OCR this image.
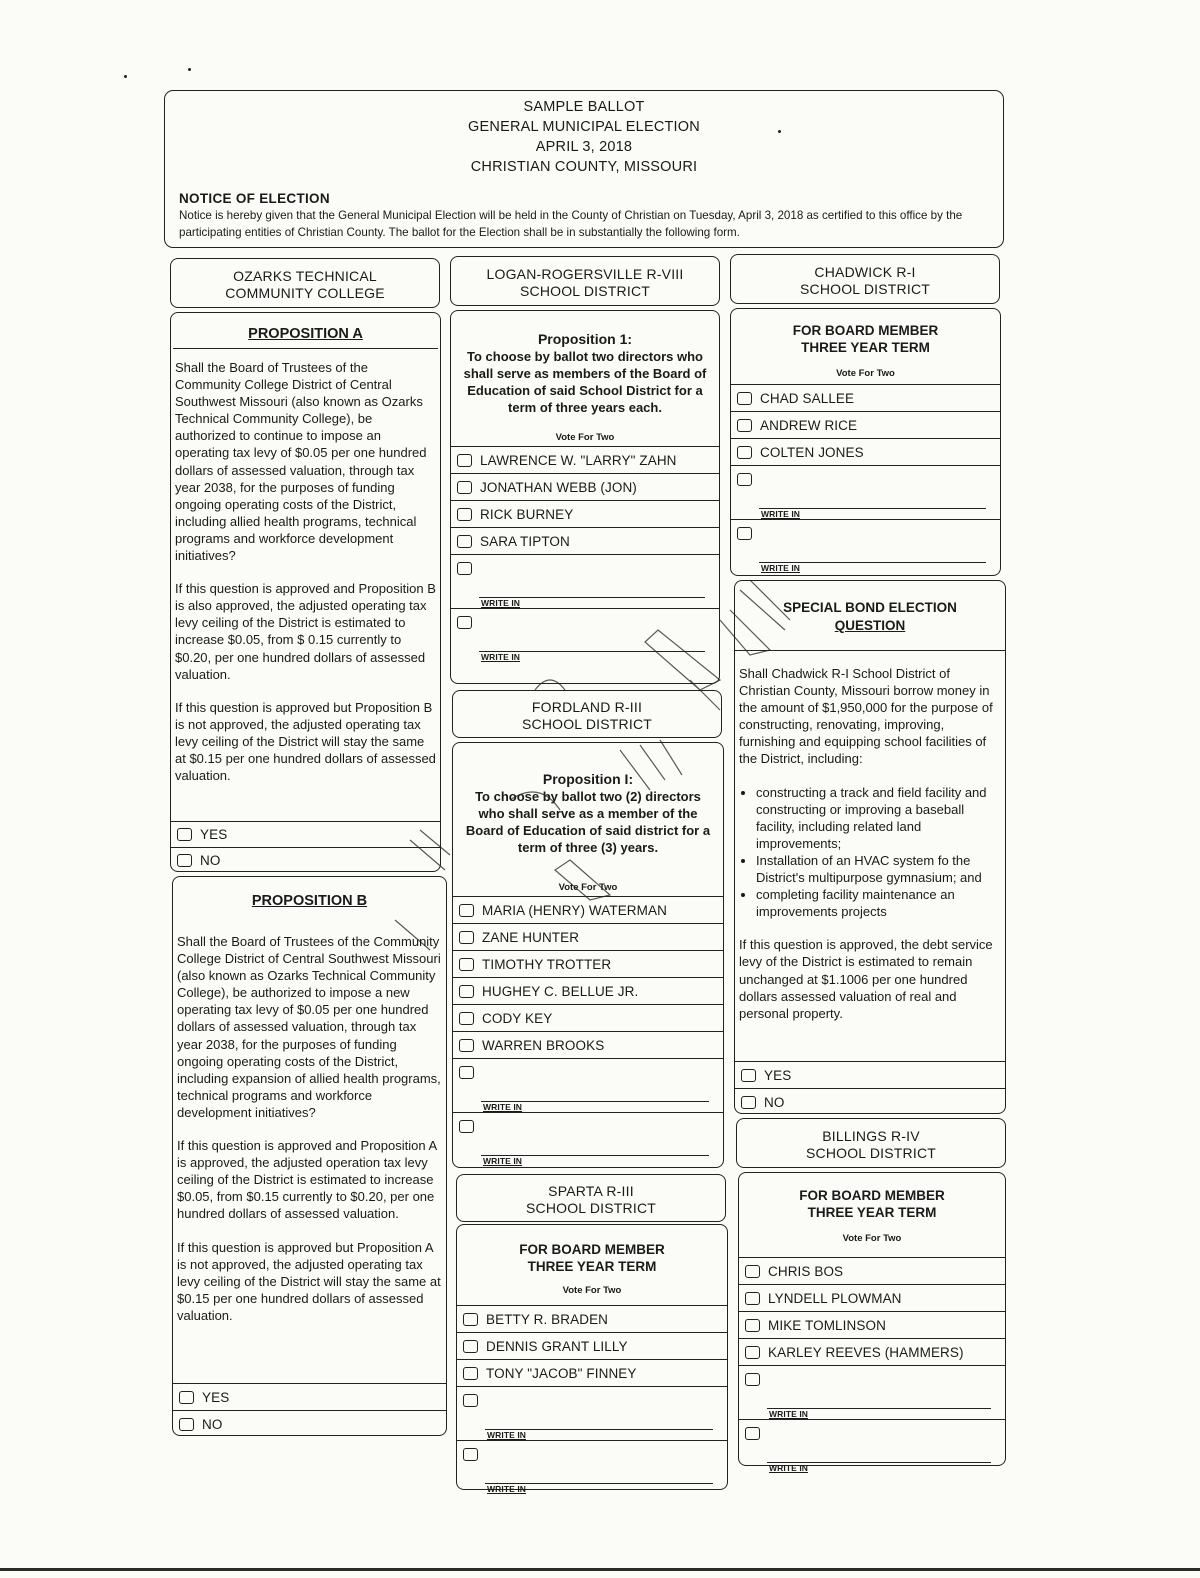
SAMPLE BALLOT
GENERAL MUNICIPAL ELECTION
APRIL 3, 2018
CHRISTIAN COUNTY, MISSOURI
NOTICE OF ELECTION
Notice is hereby given that the General Municipal Election will be held in the County of Christian on Tuesday, April 3, 2018 as certified to this office by the participating entities of Christian County. The ballot for the Election shall be in substantially the following form.
OZARKS TECHNICAL
COMMUNITY COLLEGE
PROPOSITION A

Shall the Board of Trustees of the Community College District of Central Southwest Missouri (also known as Ozarks Technical Community College), be authorized to continue to impose an operating tax levy of $0.05 per one hundred dollars of assessed valuation, through tax year 2038, for the purposes of funding ongoing operating costs of the District, including allied health programs, technical programs and workforce development initiatives?

If this question is approved and Proposition B is also approved, the adjusted operating tax levy ceiling of the District is estimated to increase $0.05, from $ 0.15 currently to $0.20, per one hundred dollars of assessed valuation.

If this question is approved but Proposition B is not approved, the adjusted operating tax levy ceiling of the District will stay the same at $0.15 per one hundred dollars of assessed valuation.

YES
NO
PROPOSITION B

Shall the Board of Trustees of the Community College District of Central Southwest Missouri (also known as Ozarks Technical Community College), be authorized to impose a new operating tax levy of $0.05 per one hundred dollars of assessed valuation, through tax year 2038, for the purposes of funding ongoing operating costs of the District, including expansion of allied health programs, technical programs and workforce development initiatives?

If this question is approved and Proposition A is approved, the adjusted operation tax levy ceiling of the District is estimated to increase $0.05, from $0.15 currently to $0.20, per one hundred dollars of assessed valuation.

If this question is approved but Proposition A is not approved, the adjusted operating tax levy ceiling of the District will stay the same at $0.15 per one hundred dollars of assessed valuation.

YES
NO
LOGAN-ROGERSVILLE R-VIII
SCHOOL DISTRICT
Proposition 1:
To choose by ballot two directors who shall serve as members of the Board of Education of said School District for a term of three years each.
Vote For Two
LAWRENCE W. "LARRY" ZAHN
JONATHAN WEBB (JON)
RICK BURNEY
SARA TIPTON
WRITE IN
WRITE IN
FORDLAND R-III
SCHOOL DISTRICT
Proposition I:
To choose by ballot two (2) directors who shall serve as a member of the Board of Education of said district for a term of three (3) years.
Vote For Two
MARIA (HENRY) WATERMAN
ZANE HUNTER
TIMOTHY TROTTER
HUGHEY C. BELLUE JR.
CODY KEY
WARREN BROOKS
WRITE IN
WRITE IN
SPARTA R-III
SCHOOL DISTRICT
FOR BOARD MEMBER
THREE YEAR TERM
Vote For Two
BETTY R. BRADEN
DENNIS GRANT LILLY
TONY "JACOB" FINNEY
WRITE IN
WRITE IN
CHADWICK R-I
SCHOOL DISTRICT
FOR BOARD MEMBER
THREE YEAR TERM
Vote For Two
CHAD SALLEE
ANDREW RICE
COLTEN JONES
WRITE IN
WRITE IN
SPECIAL BOND ELECTION
QUESTION

Shall Chadwick R-I School District of Christian County, Missouri borrow money in the amount of $1,950,000 for the purpose of constructing, renovating, improving, furnishing and equipping school facilities of the District, including:

• constructing a track and field facility and constructing or improving a baseball facility, including related land improvements;
• Installation of an HVAC system fo the District's multipurpose gymnasium; and
• completing facility maintenance an improvements projects

If this question is approved, the debt service levy of the District is estimated to remain unchanged at $1.1006 per one hundred dollars assessed valuation of real and personal property.

YES
NO
BILLINGS R-IV
SCHOOL DISTRICT
FOR BOARD MEMBER
THREE YEAR TERM
Vote For Two
CHRIS BOS
LYNDELL PLOWMAN
MIKE TOMLINSON
KARLEY REEVES (HAMMERS)
WRITE IN
WRITE IN
